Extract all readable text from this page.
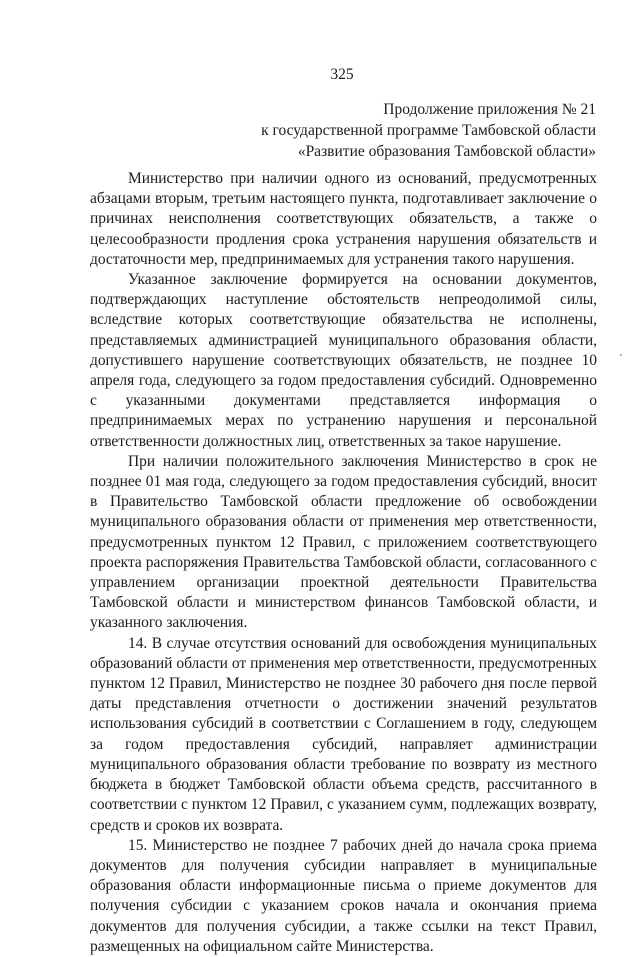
325
Продолжение приложения № 21
к государственной программе Тамбовской области
«Развитие образования Тамбовской области»

Министерство при наличии одного из оснований, предусмотренных абзацами вторым, третьим настоящего пункта, подготавливает заключение о причинах неисполнения соответствующих обязательств, а также о целесообразности продления срока устранения нарушения обязательств и достаточности мер, предпринимаемых для устранения такого нарушения.

Указанное заключение формируется на основании документов, подтверждающих наступление обстоятельств непреодолимой силы, вследствие которых соответствующие обязательства не исполнены, представляемых администрацией муниципального образования области, допустившего нарушение соответствующих обязательств, не позднее 10 апреля года, следующего за годом предоставления субсидий. Одновременно с указанными документами представляется информация о предпринимаемых мерах по устранению нарушения и персональной ответственности должностных лиц, ответственных за такое нарушение.

При наличии положительного заключения Министерство в срок не позднее 01 мая года, следующего за годом предоставления субсидий, вносит в Правительство Тамбовской области предложение об освобождении муниципального образования области от применения мер ответственности, предусмотренных пунктом 12 Правил, с приложением соответствующего проекта распоряжения Правительства Тамбовской области, согласованного с управлением организации проектной деятельности Правительства Тамбовской области и министерством финансов Тамбовской области, и указанного заключения.

14. В случае отсутствия оснований для освобождения муниципальных образований области от применения мер ответственности, предусмотренных пунктом 12 Правил, Министерство не позднее 30 рабочего дня после первой даты представления отчетности о достижении значений результатов использования субсидий в соответствии с Соглашением в году, следующем за годом предоставления субсидий, направляет администрации муниципального образования области требование по возврату из местного бюджета в бюджет Тамбовской области объема средств, рассчитанного в соответствии с пунктом 12 Правил, с указанием сумм, подлежащих возврату, средств и сроков их возврата.

15. Министерство не позднее 7 рабочих дней до начала срока приема документов для получения субсидии направляет в муниципальные образования области информационные письма о приеме документов для получения субсидии с указанием сроков начала и окончания приема документов для получения субсидии, а также ссылки на текст Правил, размещенных на официальном сайте Министерства.
